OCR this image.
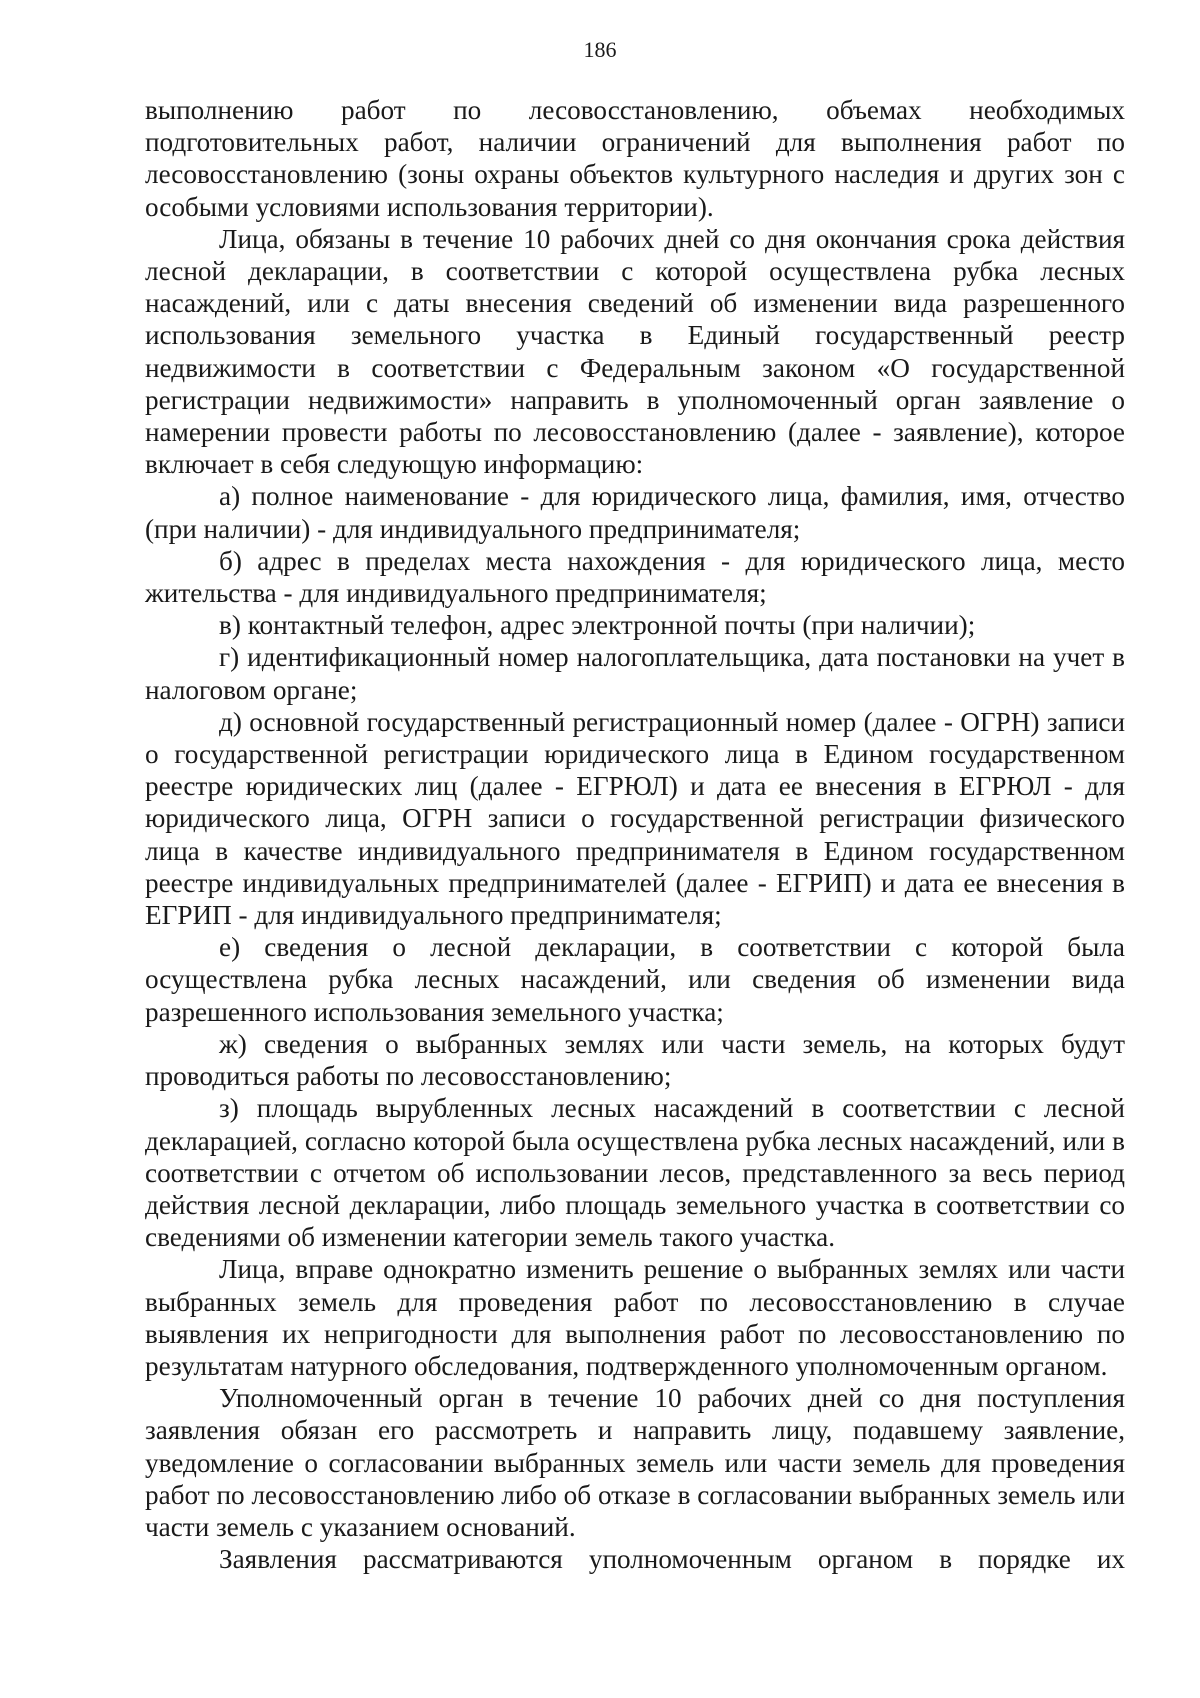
186

выполнению работ по лесовосстановлению, объемах необходимых подготовительных работ, наличии ограничений для выполнения работ по лесовосстановлению (зоны охраны объектов культурного наследия и других зон с особыми условиями использования территории).

Лица, обязаны в течение 10 рабочих дней со дня окончания срока действия лесной декларации, в соответствии с которой осуществлена рубка лесных насаждений, или с даты внесения сведений об изменении вида разрешенного использования земельного участка в Единый государственный реестр недвижимости в соответствии с Федеральным законом «О государственной регистрации недвижимости» направить в уполномоченный орган заявление о намерении провести работы по лесовосстановлению (далее - заявление), которое включает в себя следующую информацию:

а) полное наименование - для юридического лица, фамилия, имя, отчество (при наличии) - для индивидуального предпринимателя;

б) адрес в пределах места нахождения - для юридического лица, место жительства - для индивидуального предпринимателя;

в) контактный телефон, адрес электронной почты (при наличии);

г) идентификационный номер налогоплательщика, дата постановки на учет в налоговом органе;

д) основной государственный регистрационный номер (далее - ОГРН) записи о государственной регистрации юридического лица в Едином государственном реестре юридических лиц (далее - ЕГРЮЛ) и дата ее внесения в ЕГРЮЛ - для юридического лица, ОГРН записи о государственной регистрации физического лица в качестве индивидуального предпринимателя в Едином государственном реестре индивидуальных предпринимателей (далее - ЕГРИП) и дата ее внесения в ЕГРИП - для индивидуального предпринимателя;

е) сведения о лесной декларации, в соответствии с которой была осуществлена рубка лесных насаждений, или сведения об изменении вида разрешенного использования земельного участка;

ж) сведения о выбранных землях или части земель, на которых будут проводиться работы по лесовосстановлению;

з) площадь вырубленных лесных насаждений в соответствии с лесной декларацией, согласно которой была осуществлена рубка лесных насаждений, или в соответствии с отчетом об использовании лесов, представленного за весь период действия лесной декларации, либо площадь земельного участка в соответствии со сведениями об изменении категории земель такого участка.

Лица, вправе однократно изменить решение о выбранных землях или части выбранных земель для проведения работ по лесовосстановлению в случае выявления их непригодности для выполнения работ по лесовосстановлению по результатам натурного обследования, подтвержденного уполномоченным органом.

Уполномоченный орган в течение 10 рабочих дней со дня поступления заявления обязан его рассмотреть и направить лицу, подавшему заявление, уведомление о согласовании выбранных земель или части земель для проведения работ по лесовосстановлению либо об отказе в согласовании выбранных земель или части земель с указанием оснований.

Заявления рассматриваются уполномоченным органом в порядке их
